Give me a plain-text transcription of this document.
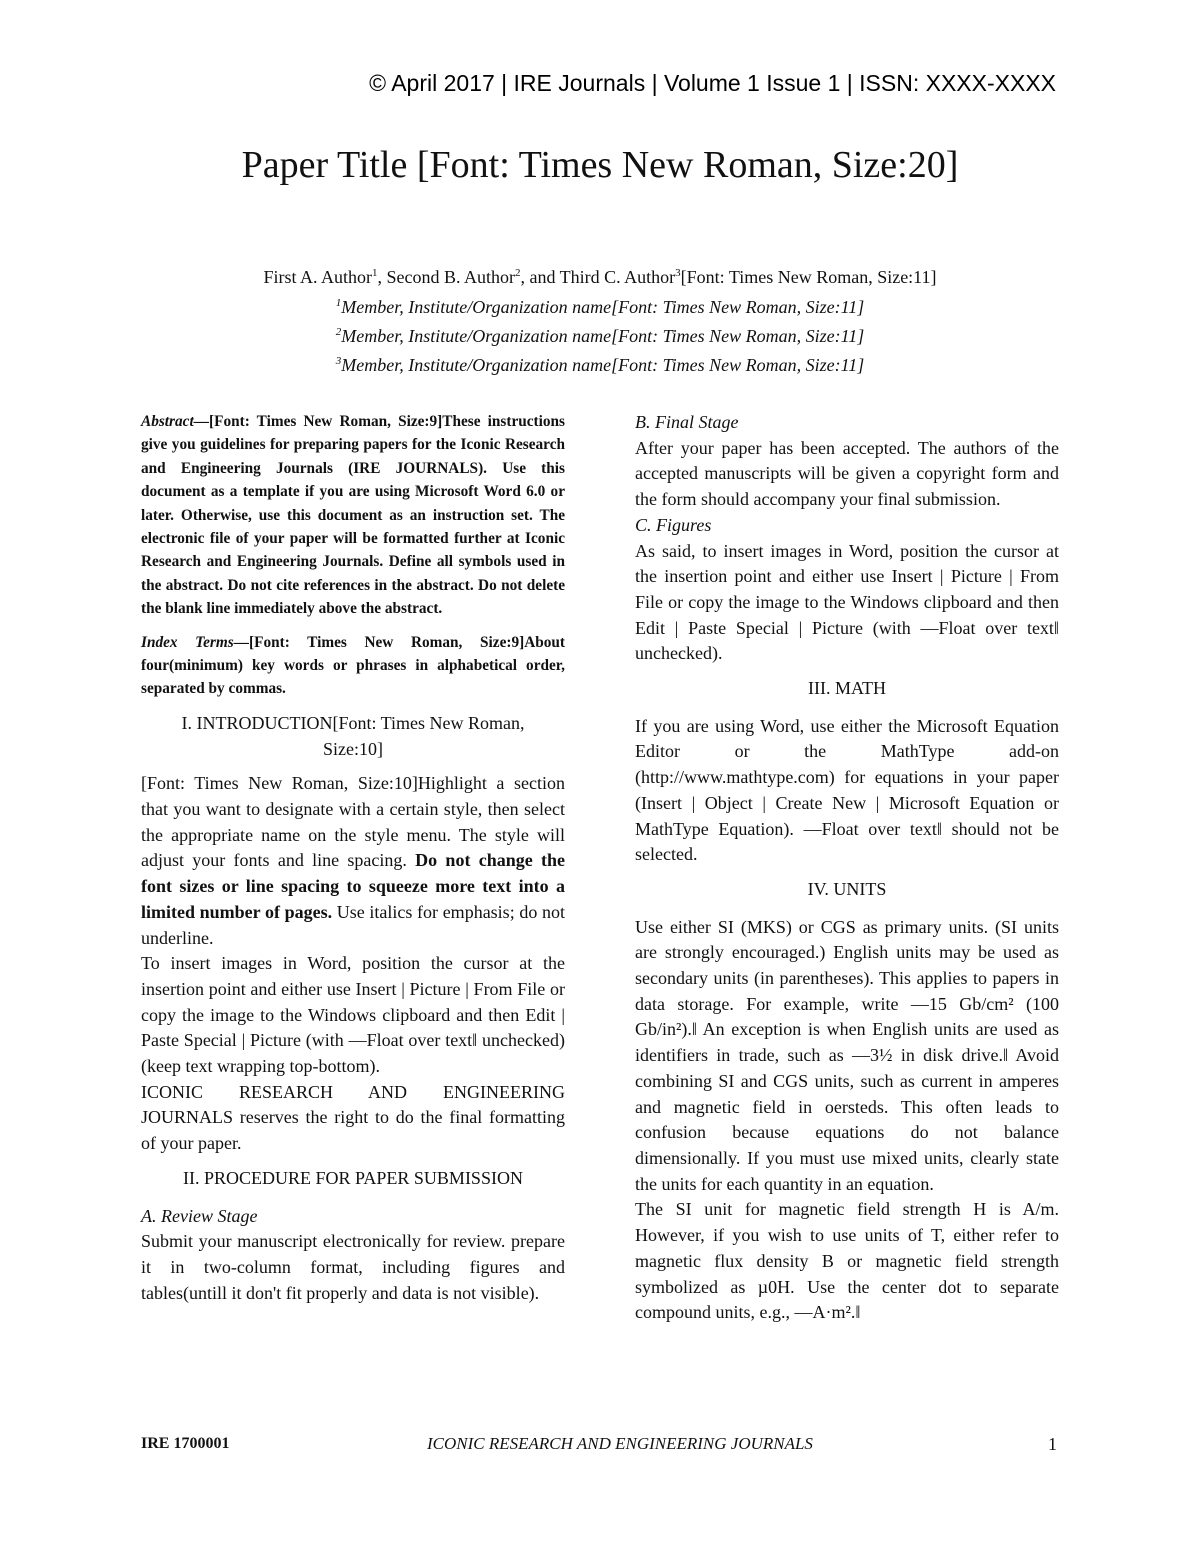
© April 2017 | IRE Journals | Volume 1 Issue 1 | ISSN: XXXX-XXXX
Paper Title [Font: Times New Roman, Size:20]
First A. Author$^1$, Second B. Author$^2$, and Third C. Author$^3$[Font: Times New Roman, Size:11]
$^1$Member, Institute/Organization name[Font: Times New Roman, Size:11]
$^2$Member, Institute/Organization name[Font: Times New Roman, Size:11]
$^3$Member, Institute/Organization name[Font: Times New Roman, Size:11]

Abstract—[Font: Times New Roman, Size:9]These instructions give you guidelines for preparing papers for the Iconic Research and Engineering Journals (IRE JOURNALS). Use this document as a template if you are using Microsoft Word 6.0 or later. Otherwise, use this document as an instruction set. The electronic file of your paper will be formatted further at Iconic Research and Engineering Journals. Define all symbols used in the abstract. Do not cite references in the abstract. Do not delete the blank line immediately above the abstract.

Index Terms—[Font: Times New Roman, Size:9]About four(minimum) key words or phrases in alphabetical order, separated by commas.

I. INTRODUCTION[Font: Times New Roman, Size:10]

[Font: Times New Roman, Size:10]Highlight a section that you want to designate with a certain style, then select the appropriate name on the style menu. The style will adjust your fonts and line spacing. Do not change the font sizes or line spacing to squeeze more text into a limited number of pages. Use italics for emphasis; do not underline.

To insert images in Word, position the cursor at the insertion point and either use Insert | Picture | From File or copy the image to the Windows clipboard and then Edit | Paste Special | Picture (with ―Float over text‖ unchecked)(keep text wrapping top-bottom).

ICONIC RESEARCH AND ENGINEERING JOURNALS reserves the right to do the final formatting of your paper.

II. PROCEDURE FOR PAPER SUBMISSION

A. Review Stage

Submit your manuscript electronically for review. prepare it in two-column format, including figures and tables(untill it don't fit properly and data is not visible).

B. Final Stage

After your paper has been accepted. The authors of the accepted manuscripts will be given a copyright form and the form should accompany your final submission.

C. Figures

As said, to insert images in Word, position the cursor at the insertion point and either use Insert | Picture | From File or copy the image to the Windows clipboard and then Edit | Paste Special | Picture (with ―Float over text‖ unchecked).

III. MATH

If you are using Word, use either the Microsoft Equation Editor or the MathType add-on (http://www.mathtype.com) for equations in your paper (Insert | Object | Create New | Microsoft Equation or MathType Equation). ―Float over text‖ should not be selected.

IV. UNITS

Use either SI (MKS) or CGS as primary units. (SI units are strongly encouraged.) English units may be used as secondary units (in parentheses). This applies to papers in data storage. For example, write ―15 Gb/cm² (100 Gb/in²).‖ An exception is when English units are used as identifiers in trade, such as ―3½ in disk drive.‖ Avoid combining SI and CGS units, such as current in amperes and magnetic field in oersteds. This often leads to confusion because equations do not balance dimensionally. If you must use mixed units, clearly state the units for each quantity in an equation.

The SI unit for magnetic field strength H is A/m. However, if you wish to use units of T, either refer to magnetic flux density B or magnetic field strength symbolized as µ0H. Use the center dot to separate compound units, e.g., ―A·m².‖

IRE 1700001	ICONIC RESEARCH AND ENGINEERING JOURNALS	1
